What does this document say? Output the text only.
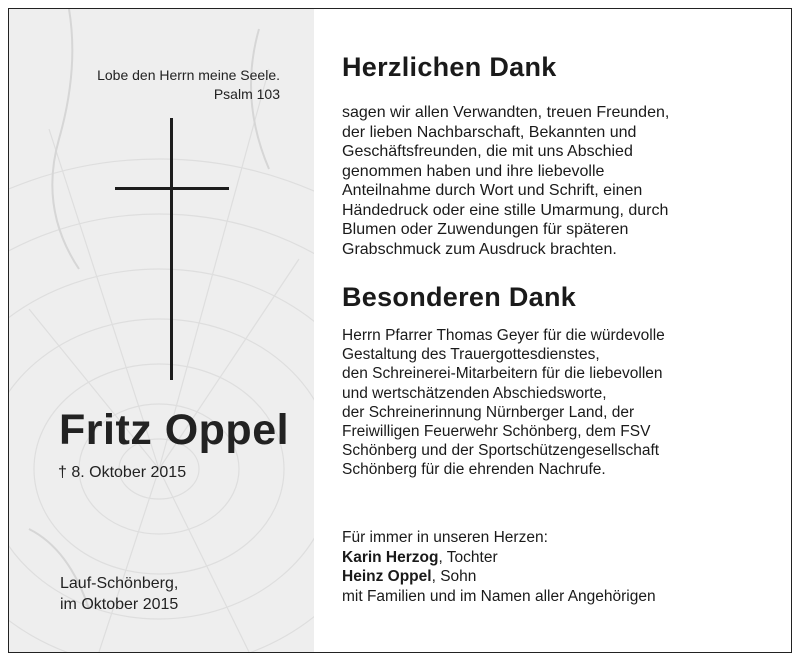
Lobe den Herrn meine Seele.
Psalm 103
Fritz Oppel
† 8. Oktober 2015
Lauf-Schönberg,
im Oktober 2015
Herzlichen Dank
sagen wir allen Verwandten, treuen Freunden,
der lieben Nachbarschaft, Bekannten und
Geschäftsfreunden, die mit uns Abschied
genommen haben und ihre liebevolle
Anteilnahme durch Wort und Schrift, einen
Händedruck oder eine stille Umarmung, durch
Blumen oder Zuwendungen für späteren
Grabschmuck zum Ausdruck brachten.
Besonderen Dank
Herrn Pfarrer Thomas Geyer für die würdevolle
Gestaltung des Trauergottesdienstes,
den Schreinerei-Mitarbeitern für die liebevollen
und wertschätzenden Abschiedsworte,
der Schreinerinnung Nürnberger Land, der
Freiwilligen Feuerwehr Schönberg, dem FSV
Schönberg und der Sportschützengesellschaft
Schönberg für die ehrenden Nachrufe.
Für immer in unseren Herzen:
Karin Herzog, Tochter
Heinz Oppel, Sohn
mit Familien und im Namen aller Angehörigen
